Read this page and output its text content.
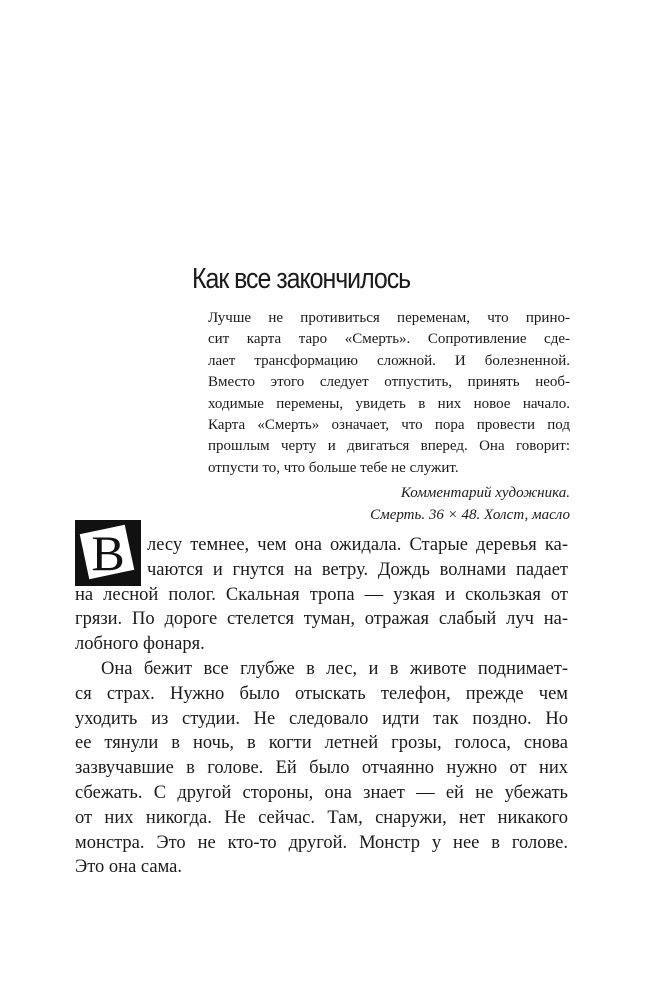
Как все закончилось
Лучше не противиться переменам, что прино-
сит карта таро «Смерть». Сопротивление сде-
лает трансформацию сложной. И болезненной.
Вместо этого следует отпустить, принять необ-
ходимые перемены, увидеть в них новое начало.
Карта «Смерть» означает, что пора провести под
прошлым черту и двигаться вперед. Она говорит:
отпусти то, что больше тебе не служит.
Комментарий художника.
Смерть. 36 × 48. Холст, масло
В	лесу темнее, чем она ожидала. Старые деревья ка-
чаются и гнутся на ветру. Дождь волнами падает
на лесной полог. Скальная тропа — узкая и скользкая от
грязи. По дороге стелется туман, отражая слабый луч на-
лобного фонаря.
Она бежит все глубже в лес, и в животе поднимает-
ся страх. Нужно было отыскать телефон, прежде чем
уходить из студии. Не следовало идти так поздно. Но
ее тянули в ночь, в когти летней грозы, голоса, снова
зазвучавшие в голове. Ей было отчаянно нужно от них
сбежать. С другой стороны, она знает — ей не убежать
от них никогда. Не сейчас. Там, снаружи, нет никакого
монстра. Это не кто-то другой. Монстр у нее в голове.
Это она сама.
